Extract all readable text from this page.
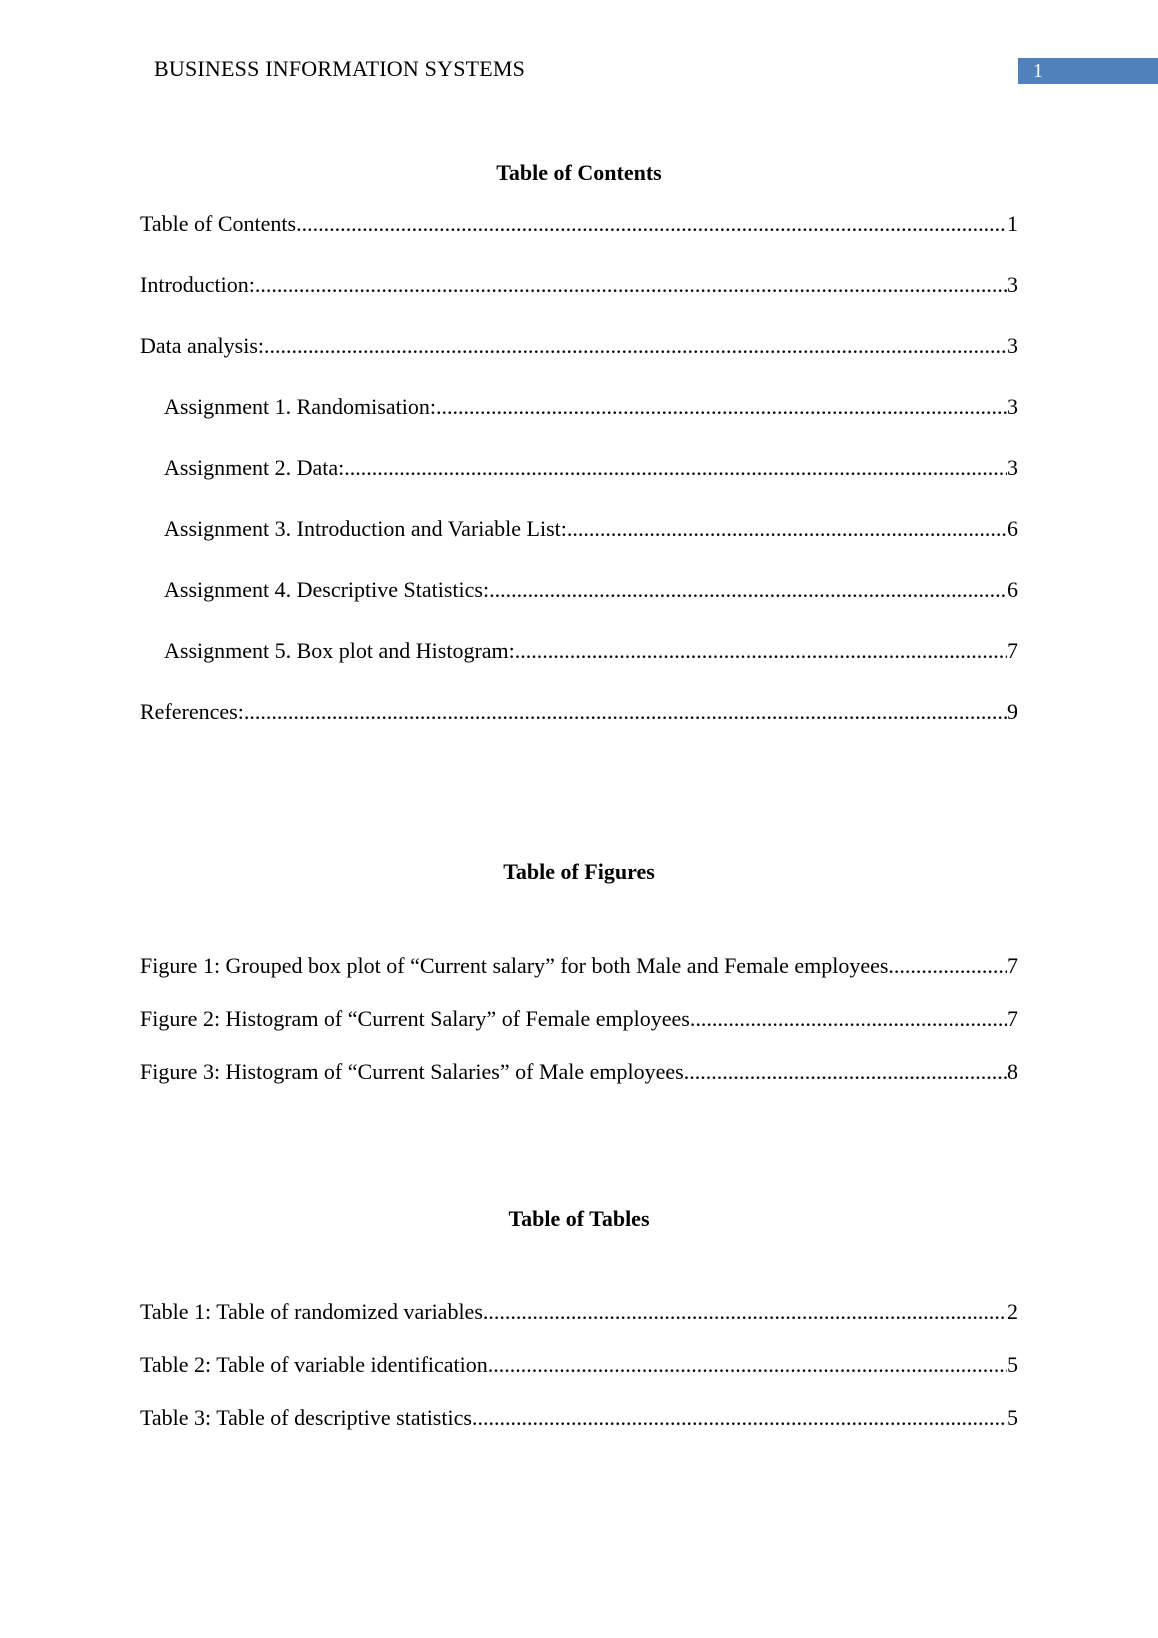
BUSINESS INFORMATION SYSTEMS	1
Table of Contents
Table of Contents .....	1
Introduction: .....	3
Data analysis: .....	3
Assignment 1. Randomisation: .....	3
Assignment 2. Data: .....	3
Assignment 3. Introduction and Variable List: .....	6
Assignment 4. Descriptive Statistics: .....	6
Assignment 5. Box plot and Histogram: .....	7
References: .....	9
Table of Figures
Figure 1: Grouped box plot of “Current salary” for both Male and Female employees .....	7
Figure 2: Histogram of “Current Salary” of Female employees .....	7
Figure 3: Histogram of “Current Salaries” of Male employees .....	8
Table of Tables
Table 1: Table of randomized variables .....	2
Table 2: Table of variable identification .....	5
Table 3: Table of descriptive statistics .....	5
